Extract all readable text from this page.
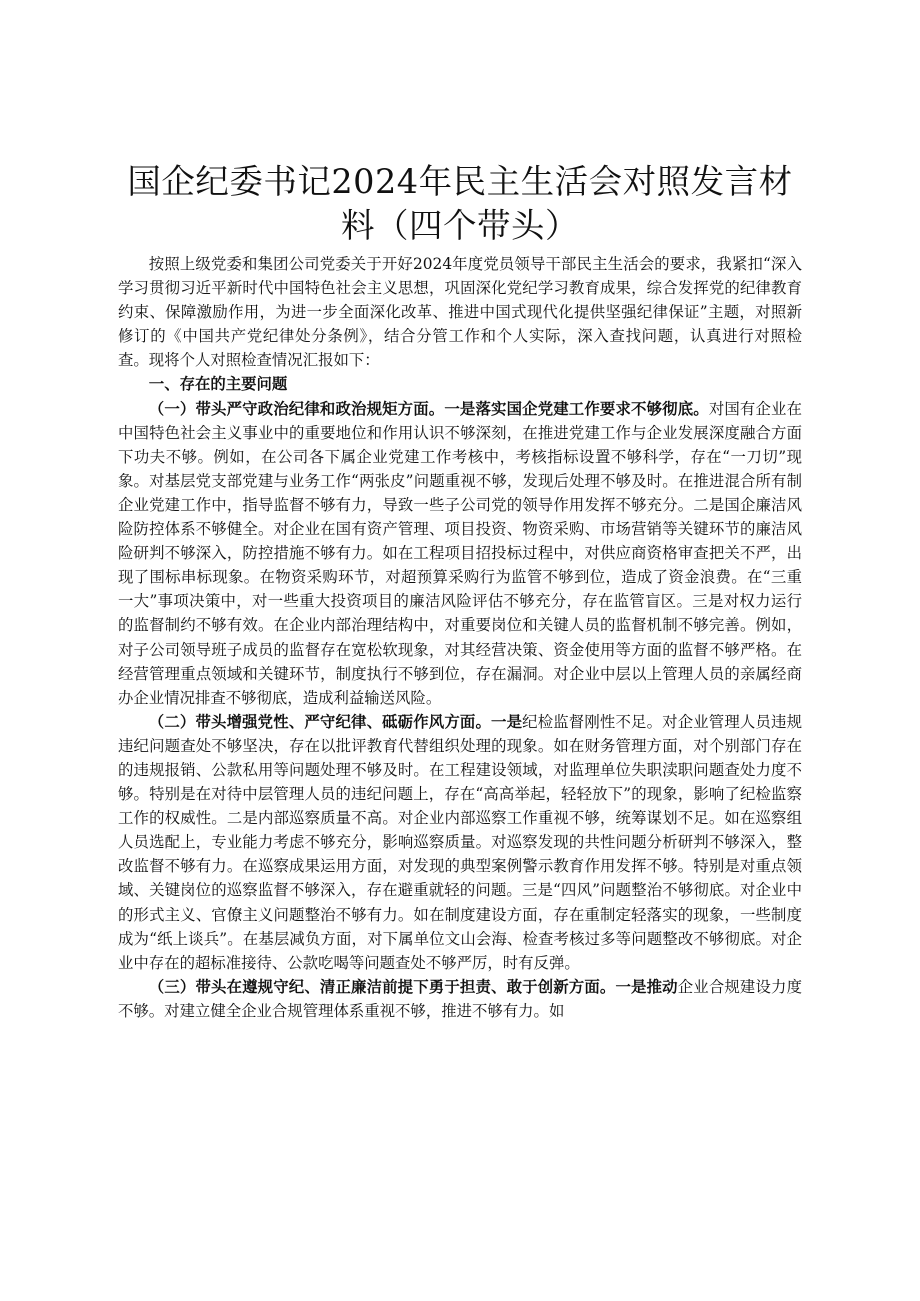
国企纪委书记2024年民主生活会对照发言材料（四个带头）

按照上级党委和集团公司党委关于开好2024年度党员领导干部民主生活会的要求，我紧扣“深入学习贯彻习近平新时代中国特色社会主义思想，巩固深化党纪学习教育成果，综合发挥党的纪律教育约束、保障激励作用，为进一步全面深化改革、推进中国式现代化提供坚强纪律保证”主题，对照新修订的《中国共产党纪律处分条例》，结合分管工作和个人实际，深入查找问题，认真进行对照检查。现将个人对照检查情况汇报如下：

一、存在的主要问题

（一）带头严守政治纪律和政治规矩方面。一是落实国企党建工作要求不够彻底。对国有企业在中国特色社会主义事业中的重要地位和作用认识不够深刻，在推进党建工作与企业发展深度融合方面下功夫不够。例如，在公司各下属企业党建工作考核中，考核指标设置不够科学，存在“一刀切”现象。对基层党支部党建与业务工作“两张皮”问题重视不够，发现后处理不够及时。在推进混合所有制企业党建工作中，指导监督不够有力，导致一些子公司党的领导作用发挥不够充分。二是国企廉洁风险防控体系不够健全。对企业在国有资产管理、项目投资、物资采购、市场营销等关键环节的廉洁风险研判不够深入，防控措施不够有力。如在工程项目招投标过程中，对供应商资格审查把关不严，出现了围标串标现象。在物资采购环节，对超预算采购行为监管不够到位，造成了资金浪费。在“三重一大”事项决策中，对一些重大投资项目的廉洁风险评估不够充分，存在监管盲区。三是对权力运行的监督制约不够有效。在企业内部治理结构中，对重要岗位和关键人员的监督机制不够完善。例如，对子公司领导班子成员的监督存在宽松软现象，对其经营决策、资金使用等方面的监督不够严格。在经营管理重点领域和关键环节，制度执行不够到位，存在漏洞。对企业中层以上管理人员的亲属经商办企业情况排查不够彻底，造成利益输送风险。

（二）带头增强党性、严守纪律、砥砺作风方面。一是纪检监督刚性不足。对企业管理人员违规违纪问题查处不够坚决，存在以批评教育代替组织处理的现象。如在财务管理方面，对个别部门存在的违规报销、公款私用等问题处理不够及时。在工程建设领域，对监理单位失职渎职问题查处力度不够。特别是在对待中层管理人员的违纪问题上，存在“高高举起，轻轻放下”的现象，影响了纪检监察工作的权威性。二是内部巡察质量不高。对企业内部巡察工作重视不够，统筹谋划不足。如在巡察组人员选配上，专业能力考虑不够充分，影响巡察质量。对巡察发现的共性问题分析研判不够深入，整改监督不够有力。在巡察成果运用方面，对发现的典型案例警示教育作用发挥不够。特别是对重点领域、关键岗位的巡察监督不够深入，存在避重就轻的问题。三是“四风”问题整治不够彻底。对企业中的形式主义、官僚主义问题整治不够有力。如在制度建设方面，存在重制定轻落实的现象，一些制度成为“纸上谈兵”。在基层减负方面，对下属单位文山会海、检查考核过多等问题整改不够彻底。对企业中存在的超标准接待、公款吃喝等问题查处不够严厉，时有反弹。

（三）带头在遵规守纪、清正廉洁前提下勇于担责、敢于创新方面。一是推动企业合规建设力度不够。对建立健全企业合规管理体系重视不够，推进不够有力。如
